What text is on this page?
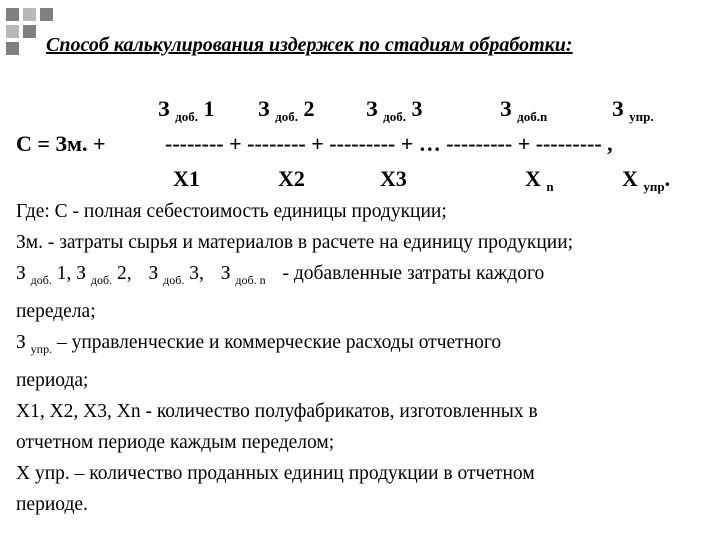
Способ калькулирования издержек по стадиям обработки:
З $_{доб.}$ 1 З $_{доб.}$ 2 З $_{доб.}$ 3	З $_{доб.n}$	З $_{упр.}$
С = Зм. +	-------- + -------- + --------- + … --------- + --------- ,
Х1	Х2	Х3	Х $_n$	Х $_{упр}$.

Где: С - полная себестоимость единицы продукции;

Зм. - затраты сырья и материалов в расчете на единицу продукции;

З $_{доб.}$ 1, З $_{доб.}$ 2, З $_{доб.}$ 3, З $_{доб. n}$ - добавленные затраты каждого

передела;

З $_{упр.}$ – управленческие и коммерческие расходы отчетного

периода;

Х1, Х2, Х3, Хn - количество полуфабрикатов, изготовленных в

отчетном периоде каждым переделом;

Х упр. – количество проданных единиц продукции в отчетном

периоде.
